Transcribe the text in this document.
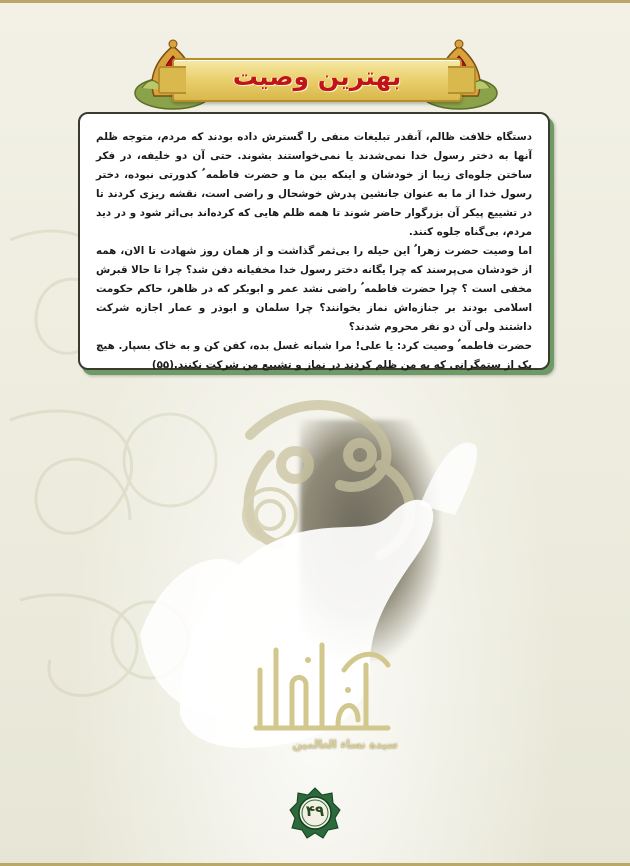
بهترین وصیت

دستگاه خلافت ظالم، آنقدر تبلیغات منفی را گسترش داده بودند که مردم، متوجه ظلم آنها به دختر رسول خدا نمی‌شدند یا نمی‌خواستند بشوند. حتی آن دو خلیفه، در فکر ساختن جلوه‌ای زیبا از خودشان و اینکه بین ما و حضرت فاطمه ؑ کدورتی نبوده، دختر رسول خدا از ما به عنوان جانشین پدرش خوشحال و راضی است، نقشه ریزی کردند تا در تشییع پیکر آن بزرگوار حاضر شوند تا همه ظلم هایی که کرده‌اند بی‌اثر شود و در دید مردم، بی‌گناه جلوه کنند.

اما وصیت حضرت زهرا ؑ این حیله را بی‌ثمر گذاشت و از همان روز شهادت تا الان، همه از خودشان می‌پرسند که چرا یگانه دختر رسول خدا مخفیانه دفن شد؟ چرا تا حالا قبرش مخفی است ؟ چرا حضرت فاطمه ؑ راضی نشد عمر و ابوبکر که در ظاهر، حاکم حکومت اسلامی بودند بر جنازه‌اش نماز بخوانند؟ چرا سلمان و ابوذر و عمار اجازه شرکت داشتند ولی آن دو نفر محروم شدند؟

حضرت فاطمه ؑ وصیت کرد: یا علی! مرا شبانه غسل بده، کفن کن و به خاک بسپار. هیچ یک از ستمگرانی که به من ظلم کردند در نماز و تشییع من شرکت نکنند.(۵۵)

سیدة نساء العالمین
۴۹
